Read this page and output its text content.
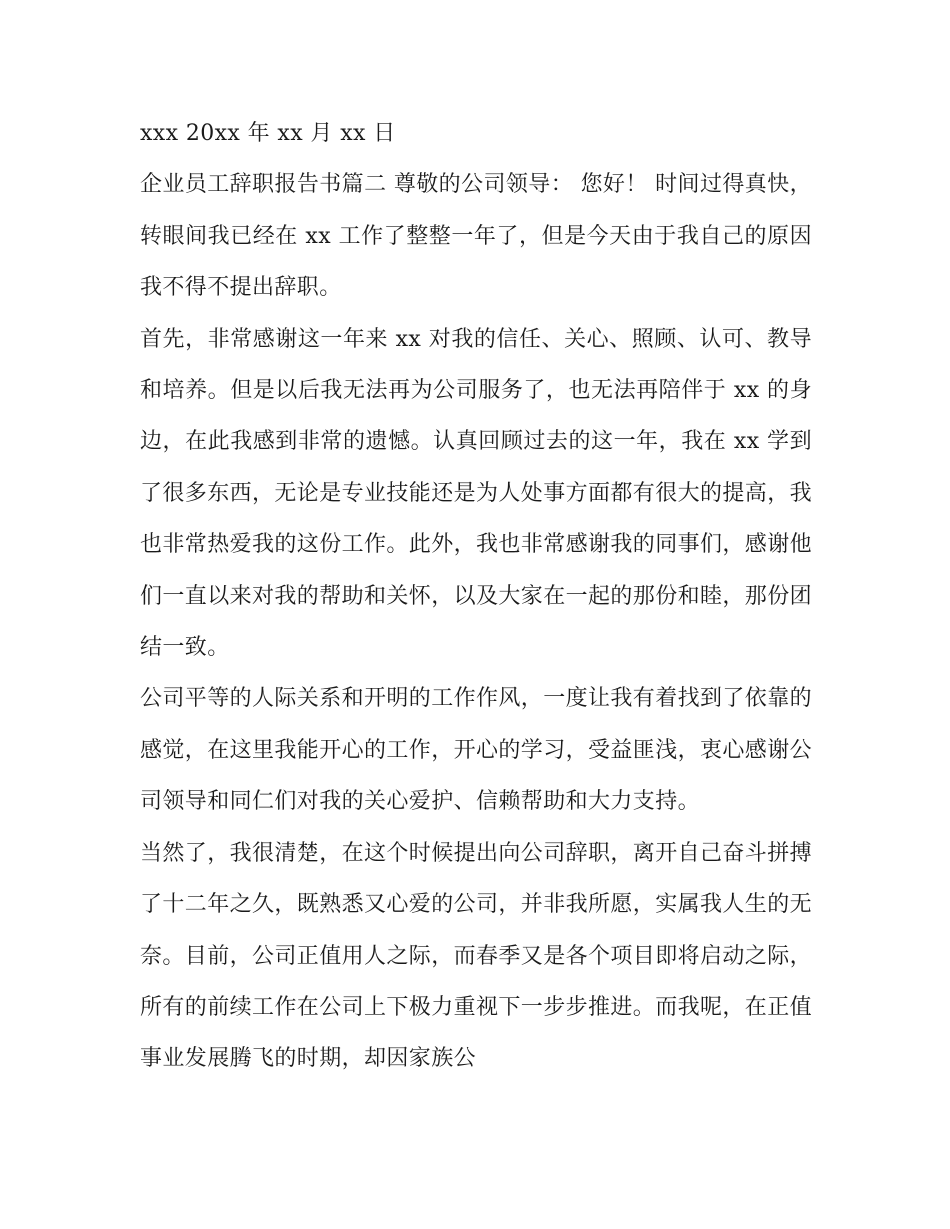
xxx 20xx 年 xx 月 xx 日

企业员工辞职报告书篇二 尊敬的公司领导： 您好！ 时间过得真快，转眼间我已经在 xx 工作了整整一年了，但是今天由于我自己的原因我不得不提出辞职。

首先，非常感谢这一年来 xx 对我的信任、关心、照顾、认可、教导和培养。但是以后我无法再为公司服务了，也无法再陪伴于 xx 的身边，在此我感到非常的遗憾。认真回顾过去的这一年，我在 xx 学到了很多东西，无论是专业技能还是为人处事方面都有很大的提高，我也非常热爱我的这份工作。此外，我也非常感谢我的同事们，感谢他们一直以来对我的帮助和关怀，以及大家在一起的那份和睦，那份团结一致。

公司平等的人际关系和开明的工作作风，一度让我有着找到了依靠的感觉，在这里我能开心的工作，开心的学习，受益匪浅，衷心感谢公司领导和同仁们对我的关心爱护、信赖帮助和大力支持。

当然了，我很清楚，在这个时候提出向公司辞职，离开自己奋斗拼搏了十二年之久，既熟悉又心爱的公司，并非我所愿，实属我人生的无奈。目前，公司正值用人之际，而春季又是各个项目即将启动之际，所有的前续工作在公司上下极力重视下一步步推进。而我呢，在正值事业发展腾飞的时期，却因家族公
